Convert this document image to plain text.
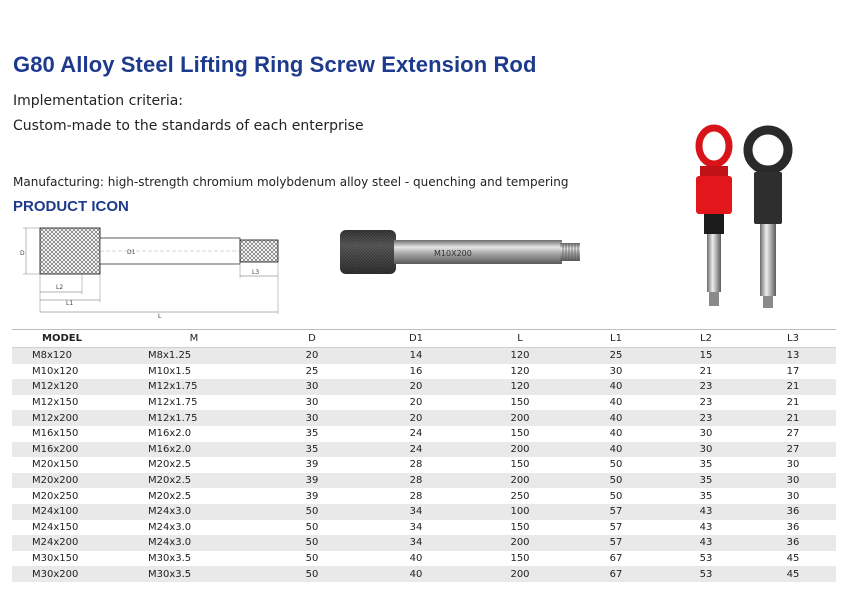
G80 Alloy Steel Lifting Ring Screw Extension Rod

Implementation criteria:

Custom-made to the standards of each enterprise

Manufacturing: high-strength chromium molybdenum alloy steel - quenching and tempering

PRODUCT ICON
D	D1
L2
L1
L3
L
M10X200
MODEL	M	D	D1	L	L1	L2	L3
M8x120	M8x1.25	20	14	120	25	15	13
M10x120	M10x1.5	25	16	120	30	21	17
M12x120	M12x1.75	30	20	120	40	23	21
M12x150	M12x1.75	30	20	150	40	23	21
M12x200	M12x1.75	30	20	200	40	23	21
M16x150	M16x2.0	35	24	150	40	30	27
M16x200	M16x2.0	35	24	200	40	30	27
M20x150	M20x2.5	39	28	150	50	35	30
M20x200	M20x2.5	39	28	200	50	35	30
M20x250	M20x2.5	39	28	250	50	35	30
M24x100	M24x3.0	50	34	100	57	43	36
M24x150	M24x3.0	50	34	150	57	43	36
M24x200	M24x3.0	50	34	200	57	43	36
M30x150	M30x3.5	50	40	150	67	53	45
M30x200	M30x3.5	50	40	200	67	53	45
